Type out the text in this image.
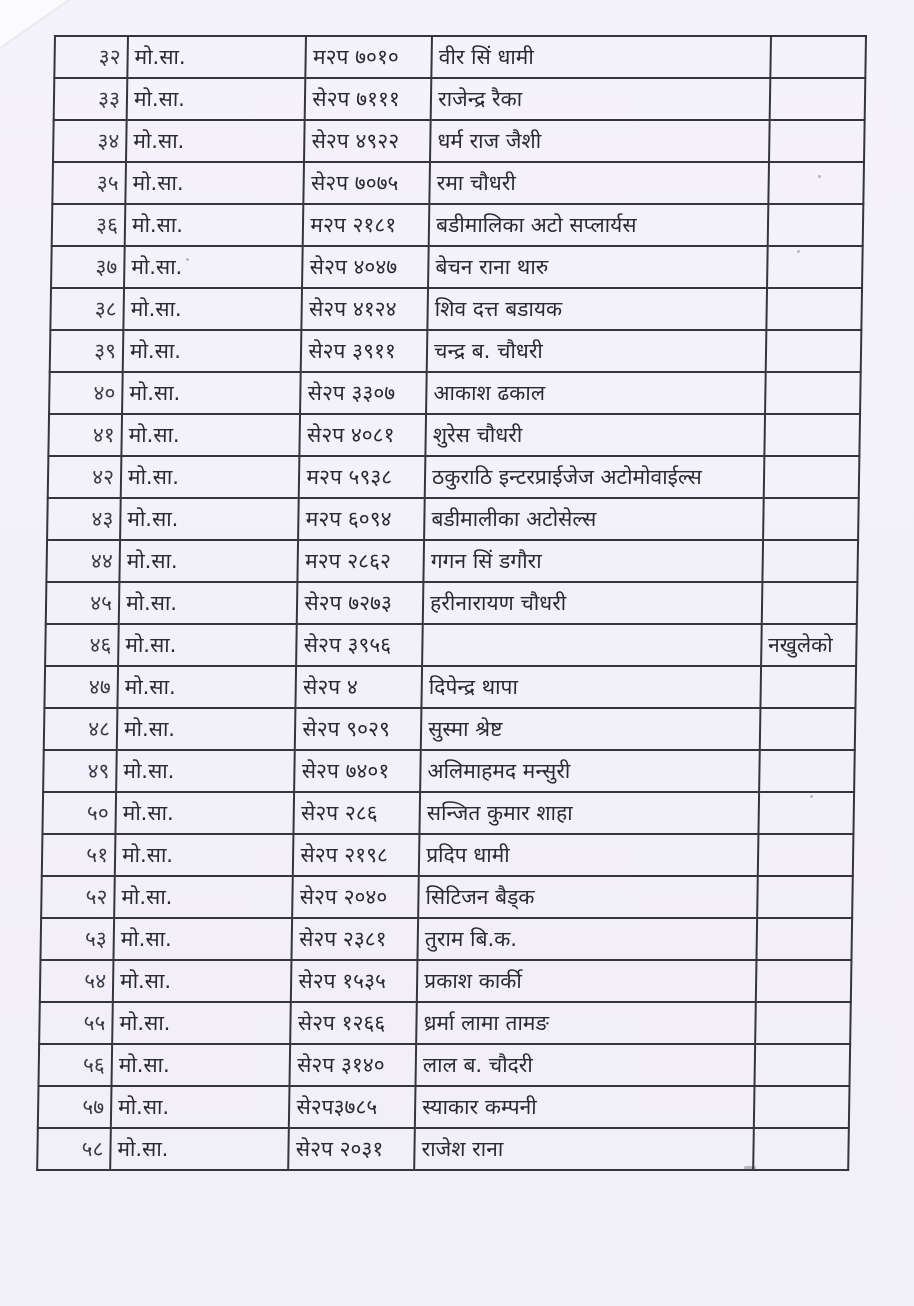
३२	मो.सा.	म२प ७०१०	वीर सिं धामी	
३३	मो.सा.	से२प ७१११	राजेन्द्र रैका	
३४	मो.सा.	से२प ४९२२	धर्म राज जैशी	
३५	मो.सा.	से२प ७०७५	रमा चौधरी	
३६	मो.सा.	म२प २१८१	बडीमालिका अटो सप्लार्यस	
३७	मो.सा.	से२प ४०४७	बेचन राना थारु	
३८	मो.सा.	से२प ४१२४	शिव दत्त बडायक	
३९	मो.सा.	से२प ३९११	चन्द्र ब. चौधरी	
४०	मो.सा.	से२प ३३०७	आकाश ढकाल	
४१	मो.सा.	से२प ४०८१	शुरेस चौधरी	
४२	मो.सा.	म२प ५९३८	ठकुराठि इन्टरप्राईजेज अटोमोवाईल्स	
४३	मो.सा.	म२प ६०९४	बडीमालीका अटोसेल्स	
४४	मो.सा.	म२प २८६२	गगन सिं डगौरा	
४५	मो.सा.	से२प ७२७३	हरीनारायण चौधरी	
४६	मो.सा.	से२प ३९५६		नखुलेको
४७	मो.सा.	से२प ४	दिपेन्द्र थापा	
४८	मो.सा.	से२प ९०२९	सुस्मा श्रेष्ट	
४९	मो.सा.	से२प ७४०१	अलिमाहमद मन्सुरी	
५०	मो.सा.	से२प २८६	सन्जित कुमार शाहा	
५१	मो.सा.	से२प २१९८	प्रदिप धामी	
५२	मो.सा.	से२प २०४०	सिटिजन बैड्क	
५३	मो.सा.	से२प २३८१	तुराम बि.क.	
५४	मो.सा.	से२प १५३५	प्रकाश कार्की	
५५	मो.सा.	से२प १२६६	ध्रर्मा लामा तामङ	
५६	मो.सा.	से२प ३१४०	लाल ब. चौदरी	
५७	मो.सा.	से२प३७८५	स्याकार कम्पनी	
५८	मो.सा.	से२प २०३१	राजेश राना	
